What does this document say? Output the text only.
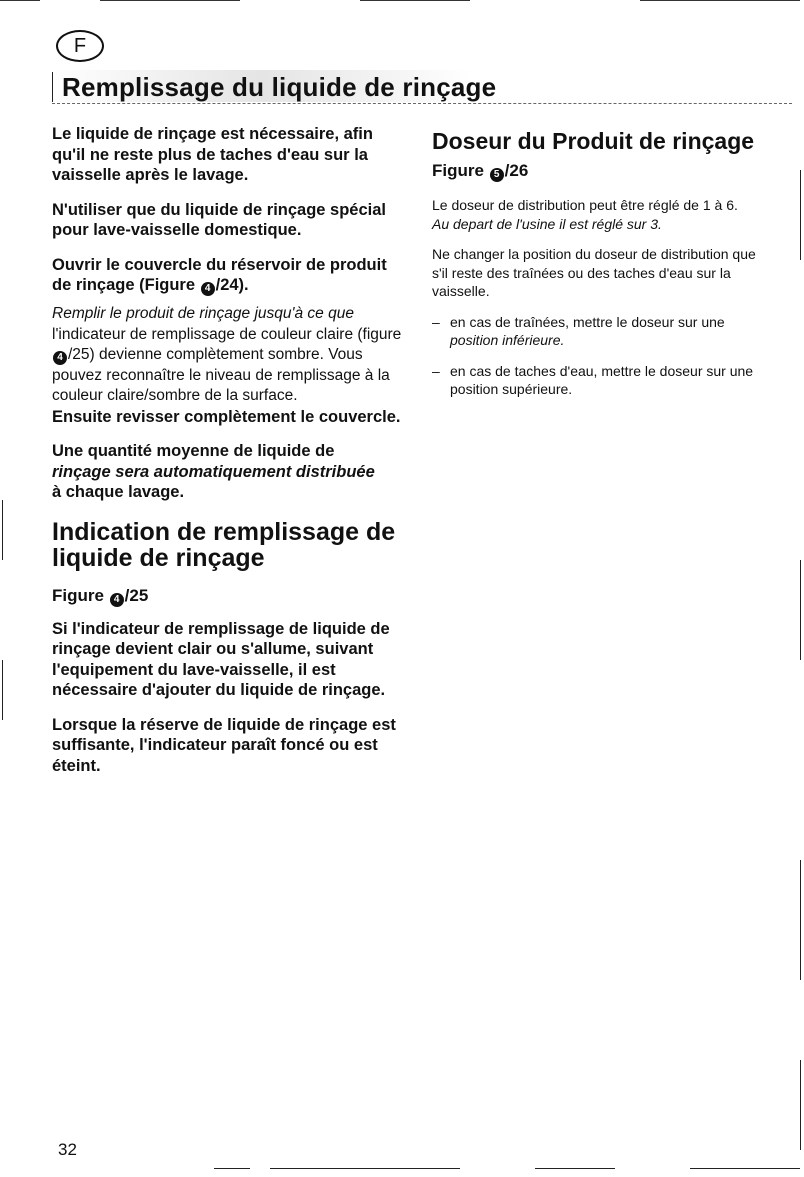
F
Remplissage du liquide de rinçage

Le liquide de rinçage est nécessaire, afin qu'il ne reste plus de taches d'eau sur la vaisselle après le lavage.

N'utiliser que du liquide de rinçage spécial pour lave-vaisselle domestique.

Ouvrir le couvercle du réservoir de produit de rinçage (Figure 4 /24).

Remplir le produit de rinçage jusqu'à ce que l'indicateur de remplissage de couleur claire (figure 4 /25) devienne complètement sombre. Vous pouvez reconnaître le niveau de remplissage à la couleur claire/sombre de la surface.

Ensuite revisser complètement le couvercle.

Une quantité moyenne de liquide de
rinçage sera automatiquement distribuée
à chaque lavage.

Indication de remplissage de liquide de rinçage

Figure 4 /25

Si l'indicateur de remplissage de liquide de rinçage devient clair ou s'allume, suivant l'equipement du lave-vaisselle, il est nécessaire d'ajouter du liquide de rinçage.

Lorsque la réserve de liquide de rinçage est suffisante, l'indicateur paraît foncé ou est éteint.

Doseur du Produit de rinçage

Figure 5 /26

Le doseur de distribution peut être réglé de 1 à 6.

Au depart de l'usine il est réglé sur 3.

Ne changer la position du doseur de distribution que s'il reste des traînées ou des taches d'eau sur la vaisselle.

– en cas de traînées, mettre le doseur sur une
position inférieure.
– en cas de taches d'eau, mettre le doseur sur une position supérieure.
32
